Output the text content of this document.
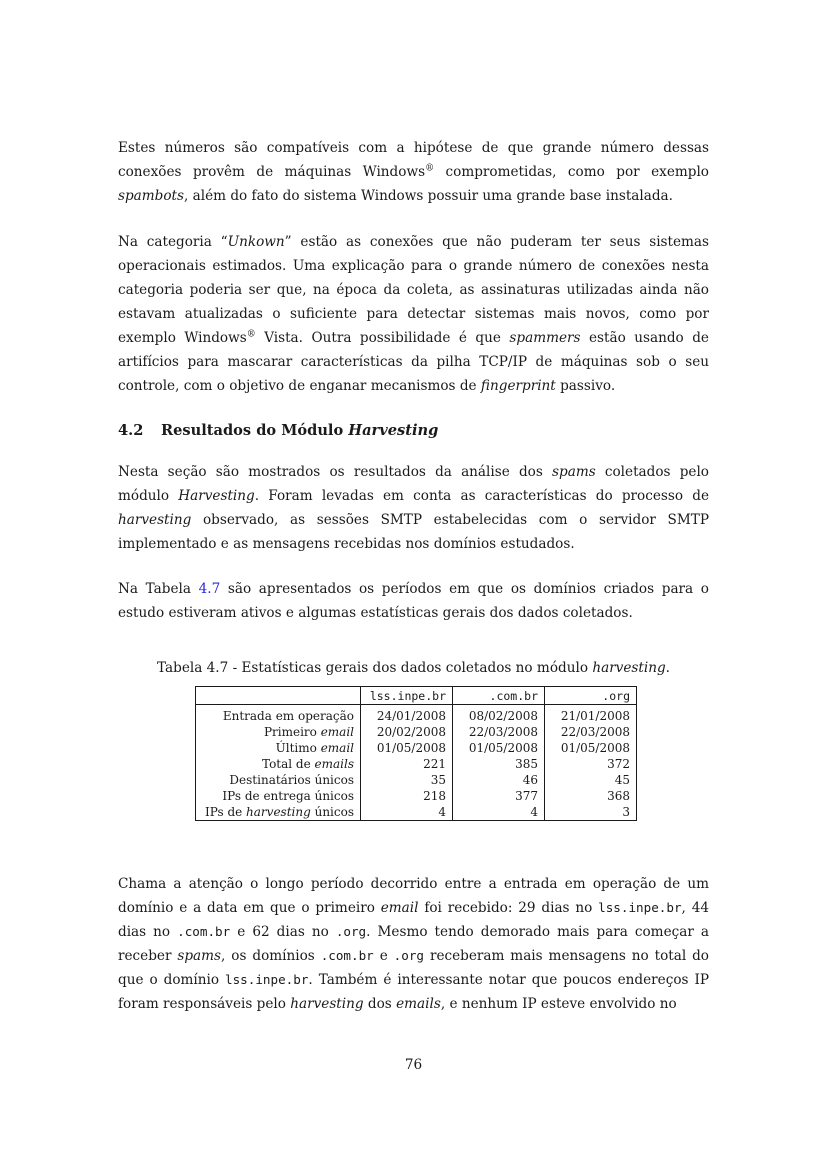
Estes números são compatíveis com a hipótese de que grande número dessas conexões provêm de máquinas Windows® comprometidas, como por exemplo spambots, além do fato do sistema Windows possuir uma grande base instalada.

Na categoria “Unkown” estão as conexões que não puderam ter seus sistemas operacionais estimados. Uma explicação para o grande número de conexões nesta categoria poderia ser que, na época da coleta, as assinaturas utilizadas ainda não estavam atualizadas o suficiente para detectar sistemas mais novos, como por exemplo Windows® Vista. Outra possibilidade é que spammers estão usando de artifícios para mascarar características da pilha TCP/IP de máquinas sob o seu controle, com o objetivo de enganar mecanismos de fingerprint passivo.

4.2 Resultados do Módulo Harvesting

Nesta seção são mostrados os resultados da análise dos spams coletados pelo módulo Harvesting. Foram levadas em conta as características do processo de harvesting observado, as sessões SMTP estabelecidas com o servidor SMTP implementado e as mensagens recebidas nos domínios estudados.

Na Tabela 4.7 são apresentados os períodos em que os domínios criados para o estudo estiveram ativos e algumas estatísticas gerais dos dados coletados.

Tabela 4.7 - Estatísticas gerais dos dados coletados no módulo harvesting.

	lss.inpe.br	.com.br	.org
Entrada em operação	24/01/2008	08/02/2008	21/01/2008
Primeiro email	20/02/2008	22/03/2008	22/03/2008
Último email	01/05/2008	01/05/2008	01/05/2008
Total de emails	221	385	372
Destinatários únicos	35	46	45
IPs de entrega únicos	218	377	368
IPs de harvesting únicos	4	4	3

Chama a atenção o longo período decorrido entre a entrada em operação de um domínio e a data em que o primeiro email foi recebido: 29 dias no lss.inpe.br, 44 dias no .com.br e 62 dias no .org. Mesmo tendo demorado mais para começar a receber spams, os domínios .com.br e .org receberam mais mensagens no total do que o domínio lss.inpe.br. Também é interessante notar que poucos endereços IP foram responsáveis pelo harvesting dos emails, e nenhum IP esteve envolvido no

76
